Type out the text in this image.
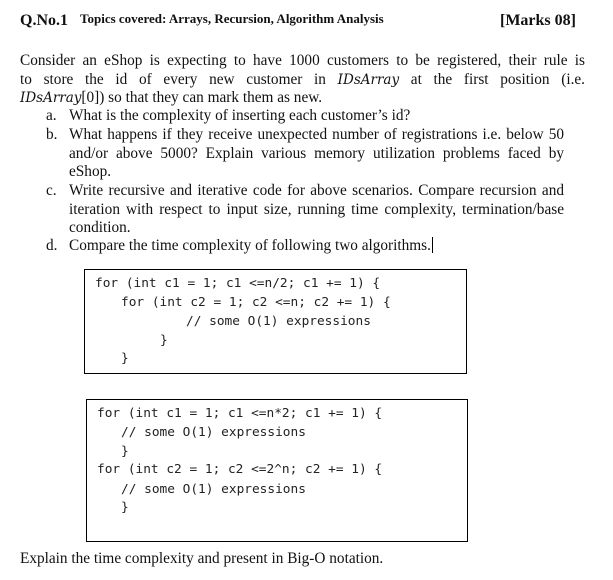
Q.No.1 Topics covered: Arrays, Recursion, Algorithm Analysis	[Marks 08]
Consider an eShop is expecting to have 1000 customers to be registered, their rule is
to store the id of every new customer in IDsArray at the first position (i.e.
IDsArray[0]) so that they can mark them as new.
a. What is the complexity of inserting each customer’s id?
b. What happens if they receive unexpected number of registrations i.e. below 50
and/or above 5000? Explain various memory utilization problems faced by
eShop.
c. Write recursive and iterative code for above scenarios. Compare recursion and
iteration with respect to input size, running time complexity, termination/base
condition.
d. Compare the time complexity of following two algorithms.
for (int c1 = 1; c1 <=n/2; c1 += 1) {
for (int c2 = 1; c2 <=n; c2 += 1) {
// some O(1) expressions
}
}
for (int c1 = 1; c1 <=n*2; c1 += 1) {
// some O(1) expressions
}
for (int c2 = 1; c2 <=2^n; c2 += 1) {
// some O(1) expressions
}
Explain the time complexity and present in Big-O notation.
